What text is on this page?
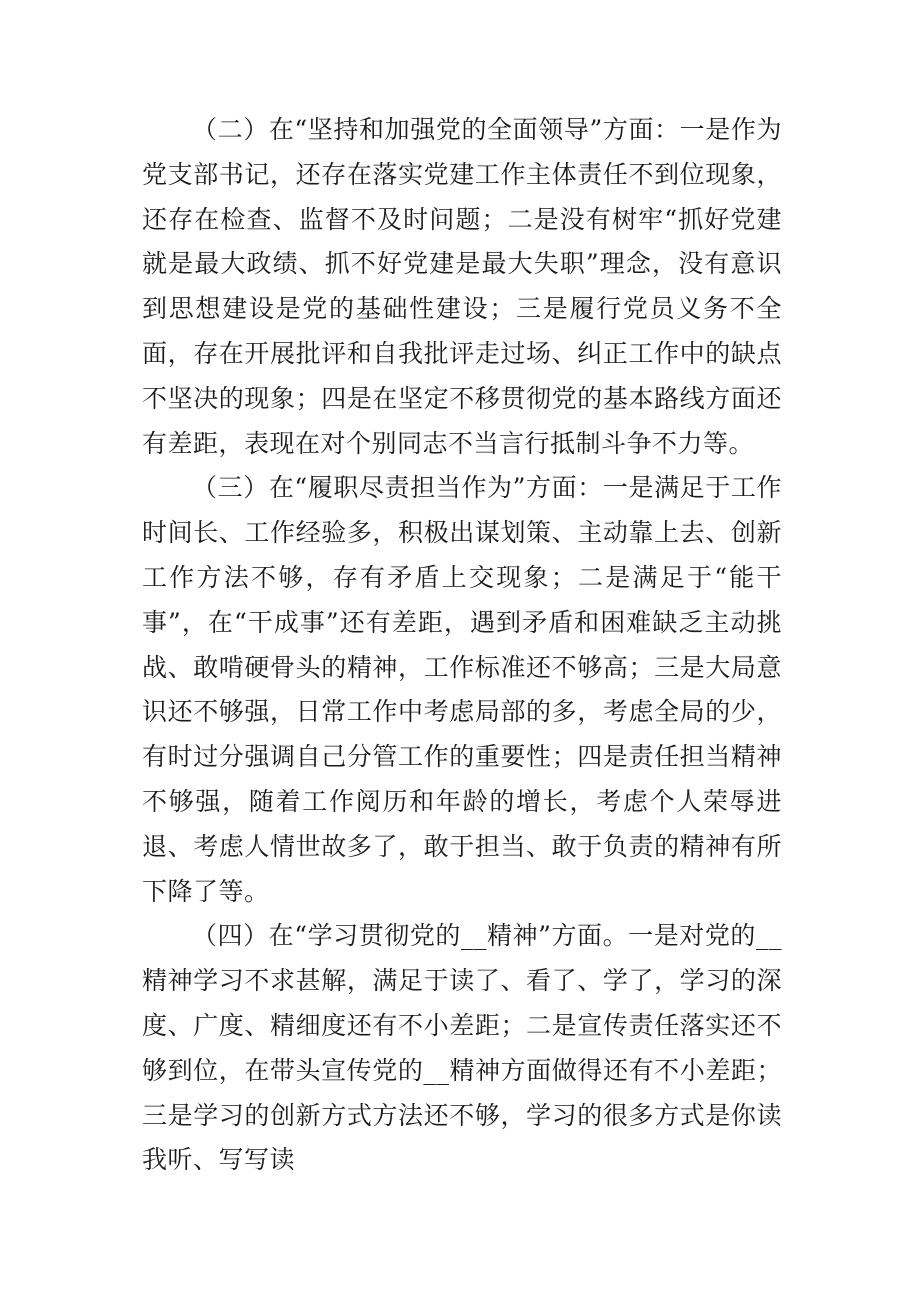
（二）在“坚持和加强党的全面领导”方面：一是作为党支部书记，还存在落实党建工作主体责任不到位现象，还存在检查、监督不及时问题；二是没有树牢“抓好党建就是最大政绩、抓不好党建是最大失职”理念，没有意识到思想建设是党的基础性建设；三是履行党员义务不全面，存在开展批评和自我批评走过场、纠正工作中的缺点不坚决的现象；四是在坚定不移贯彻党的基本路线方面还有差距，表现在对个别同志不当言行抵制斗争不力等。

（三）在“履职尽责担当作为”方面：一是满足于工作时间长、工作经验多，积极出谋划策、主动靠上去、创新工作方法不够，存有矛盾上交现象；二是满足于“能干事”，在“干成事”还有差距，遇到矛盾和困难缺乏主动挑战、敢啃硬骨头的精神，工作标准还不够高；三是大局意识还不够强，日常工作中考虑局部的多，考虑全局的少，有时过分强调自己分管工作的重要性；四是责任担当精神不够强，随着工作阅历和年龄的增长，考虑个人荣辱进退、考虑人情世故多了，敢于担当、敢于负责的精神有所下降了等。

（四）在“学习贯彻党的__精神”方面。一是对党的__精神学习不求甚解，满足于读了、看了、学了，学习的深度、广度、精细度还有不小差距；二是宣传责任落实还不够到位，在带头宣传党的__精神方面做得还有不小差距；三是学习的创新方式方法还不够，学习的很多方式是你读我听、写写读
